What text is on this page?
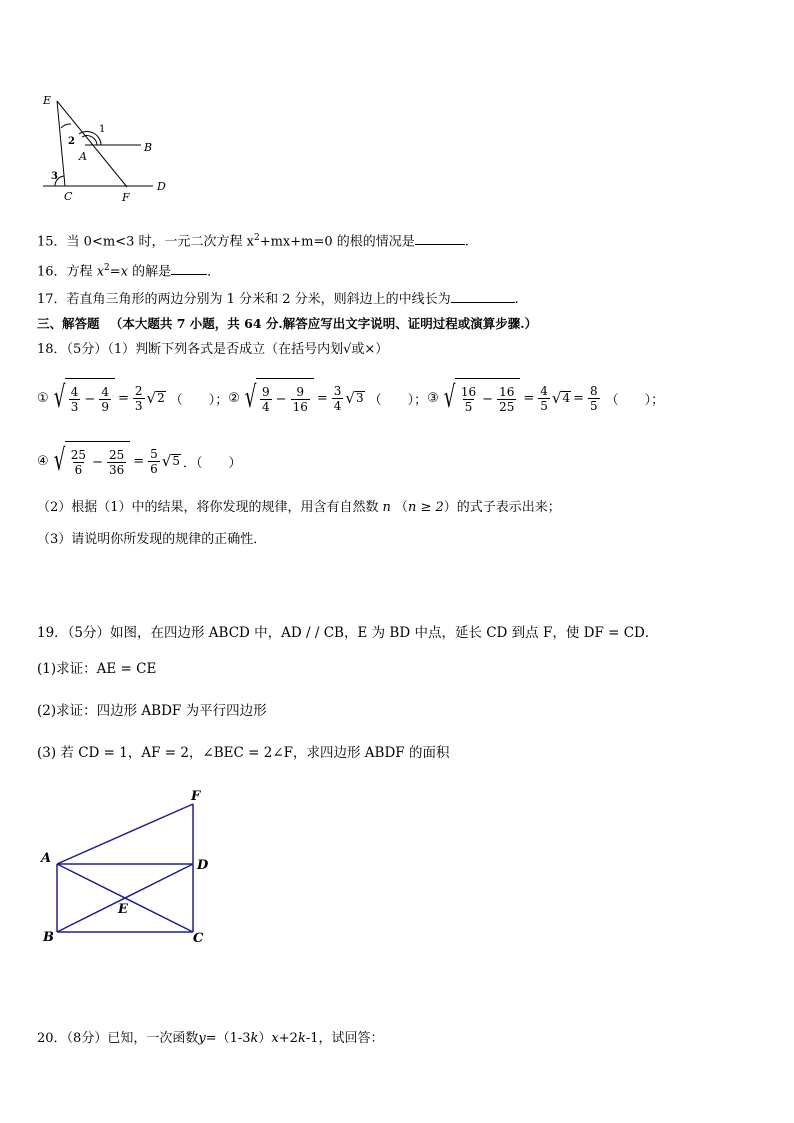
E
1
B
2
A
3
D
C	F
15．当 0<m<3 时，一元二次方程 $x^2+mx+m=0$ 的根的情况是	.
16．方程 $x^2=x$ 的解是	．
17．若直角三角形的两边分别为 1 分米和 2 分米，则斜边上的中线长为	.
三、解答题 （本大题共 7 小题，共 64 分.解答应写出文字说明、证明过程或演算步骤.）
18．（5分）（1）判断下列各式是否成立（在括号内划√或×）
① √ $\frac{4}{3} - \frac{4}{9} = \frac{2}{3}$ √ 2 （　　）； ② √ $\frac{9}{4} - \frac{9}{16} = \frac{3}{4}$ √ 3 （　　）； ③ √ $\frac{16}{5} - \frac{16}{25} = \frac{4}{5}$ √ $4 = \frac{8}{5}$ （　　）；
④ √ $\frac{25}{6} - \frac{25}{36} = \frac{5}{6}$ √ 5 ．（　　）
（2）根据（1）中的结果，将你发现的规律，用含有自然数 n （n ≥ 2）的式子表示出来；
（3）请说明你所发现的规律的正确性．
19．（5分）如图，在四边形 ABCD 中，AD / / CB，E 为 BD 中点，延长 CD 到点 F，使 DF = CD．
(1)求证：AE = CE
(2)求证：四边形 ABDF 为平行四边形
(3) 若 CD = 1，AF = 2，∠BEC = 2∠F，求四边形 ABDF 的面积
F
A	D
E
B	C
20．（8分）已知，一次函数y=（1-3k）x+2k-1，试回答：
